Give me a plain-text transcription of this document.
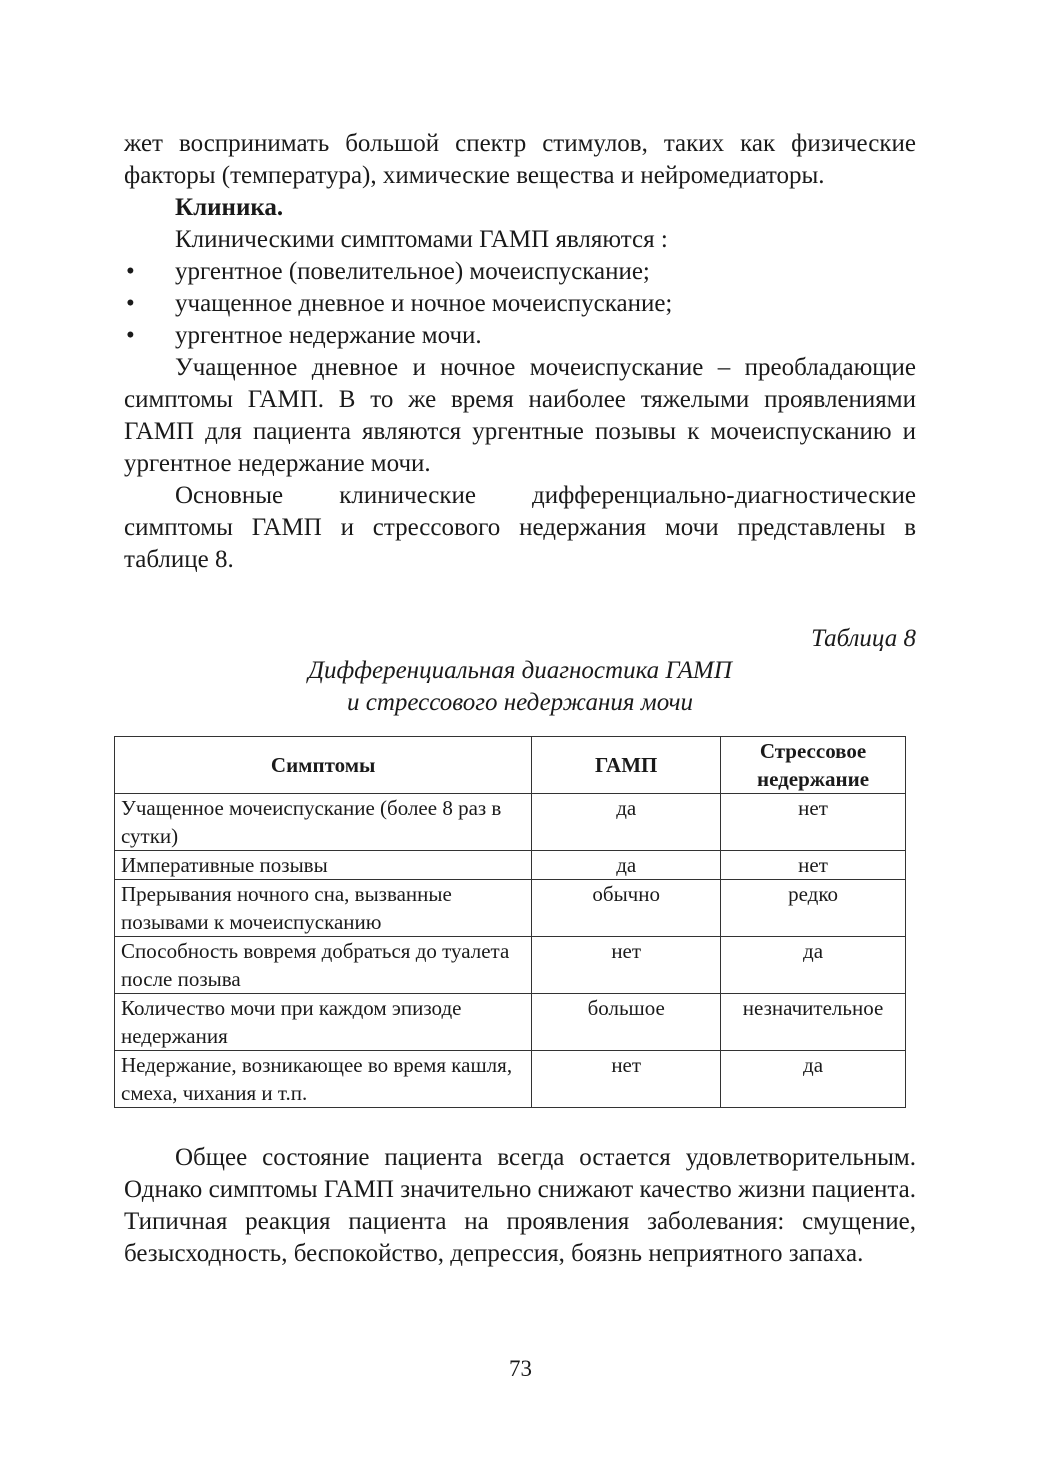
жет воспринимать большой спектр стимулов, таких как физические факторы (температура), химические вещества и нейромедиаторы.

Клиника.

Клиническими симптомами ГАМП являются :

• ургентное (повелительное) мочеиспускание;
• учащенное дневное и ночное мочеиспускание;
• ургентное недержание мочи.

Учащенное дневное и ночное мочеиспускание – преобладающие симптомы ГАМП. В то же время наиболее тяжелыми проявлениями ГАМП для пациента являются ургентные позывы к мочеиспусканию и ургентное недержание мочи.

Основные клинические дифференциально-диагностические симптомы ГАМП и стрессового недержания мочи представлены в таблице 8.

Таблица 8
Дифференциальная диагностика ГАМП
и стрессового недержания мочи
Симптомы	ГАМП	Стрессовое недержание
Учащенное мочеиспускание (более 8 раз в сутки)	да	нет
Императивные позывы	да	нет
Прерывания ночного сна, вызванные позывами к мочеиспусканию	обычно	редко
Способность вовремя добраться до туалета после позыва	нет	да
Количество мочи при каждом эпизоде недержания	большое	незначительное
Недержание, возникающее во время кашля, смеха, чихания и т.п.	нет	да

Общее состояние пациента всегда остается удовлетворительным. Однако симптомы ГАМП значительно снижают качество жизни пациента. Типичная реакция пациента на проявления заболевания: смущение, безысходность, беспокойство, депрессия, боязнь неприятного запаха.

73
